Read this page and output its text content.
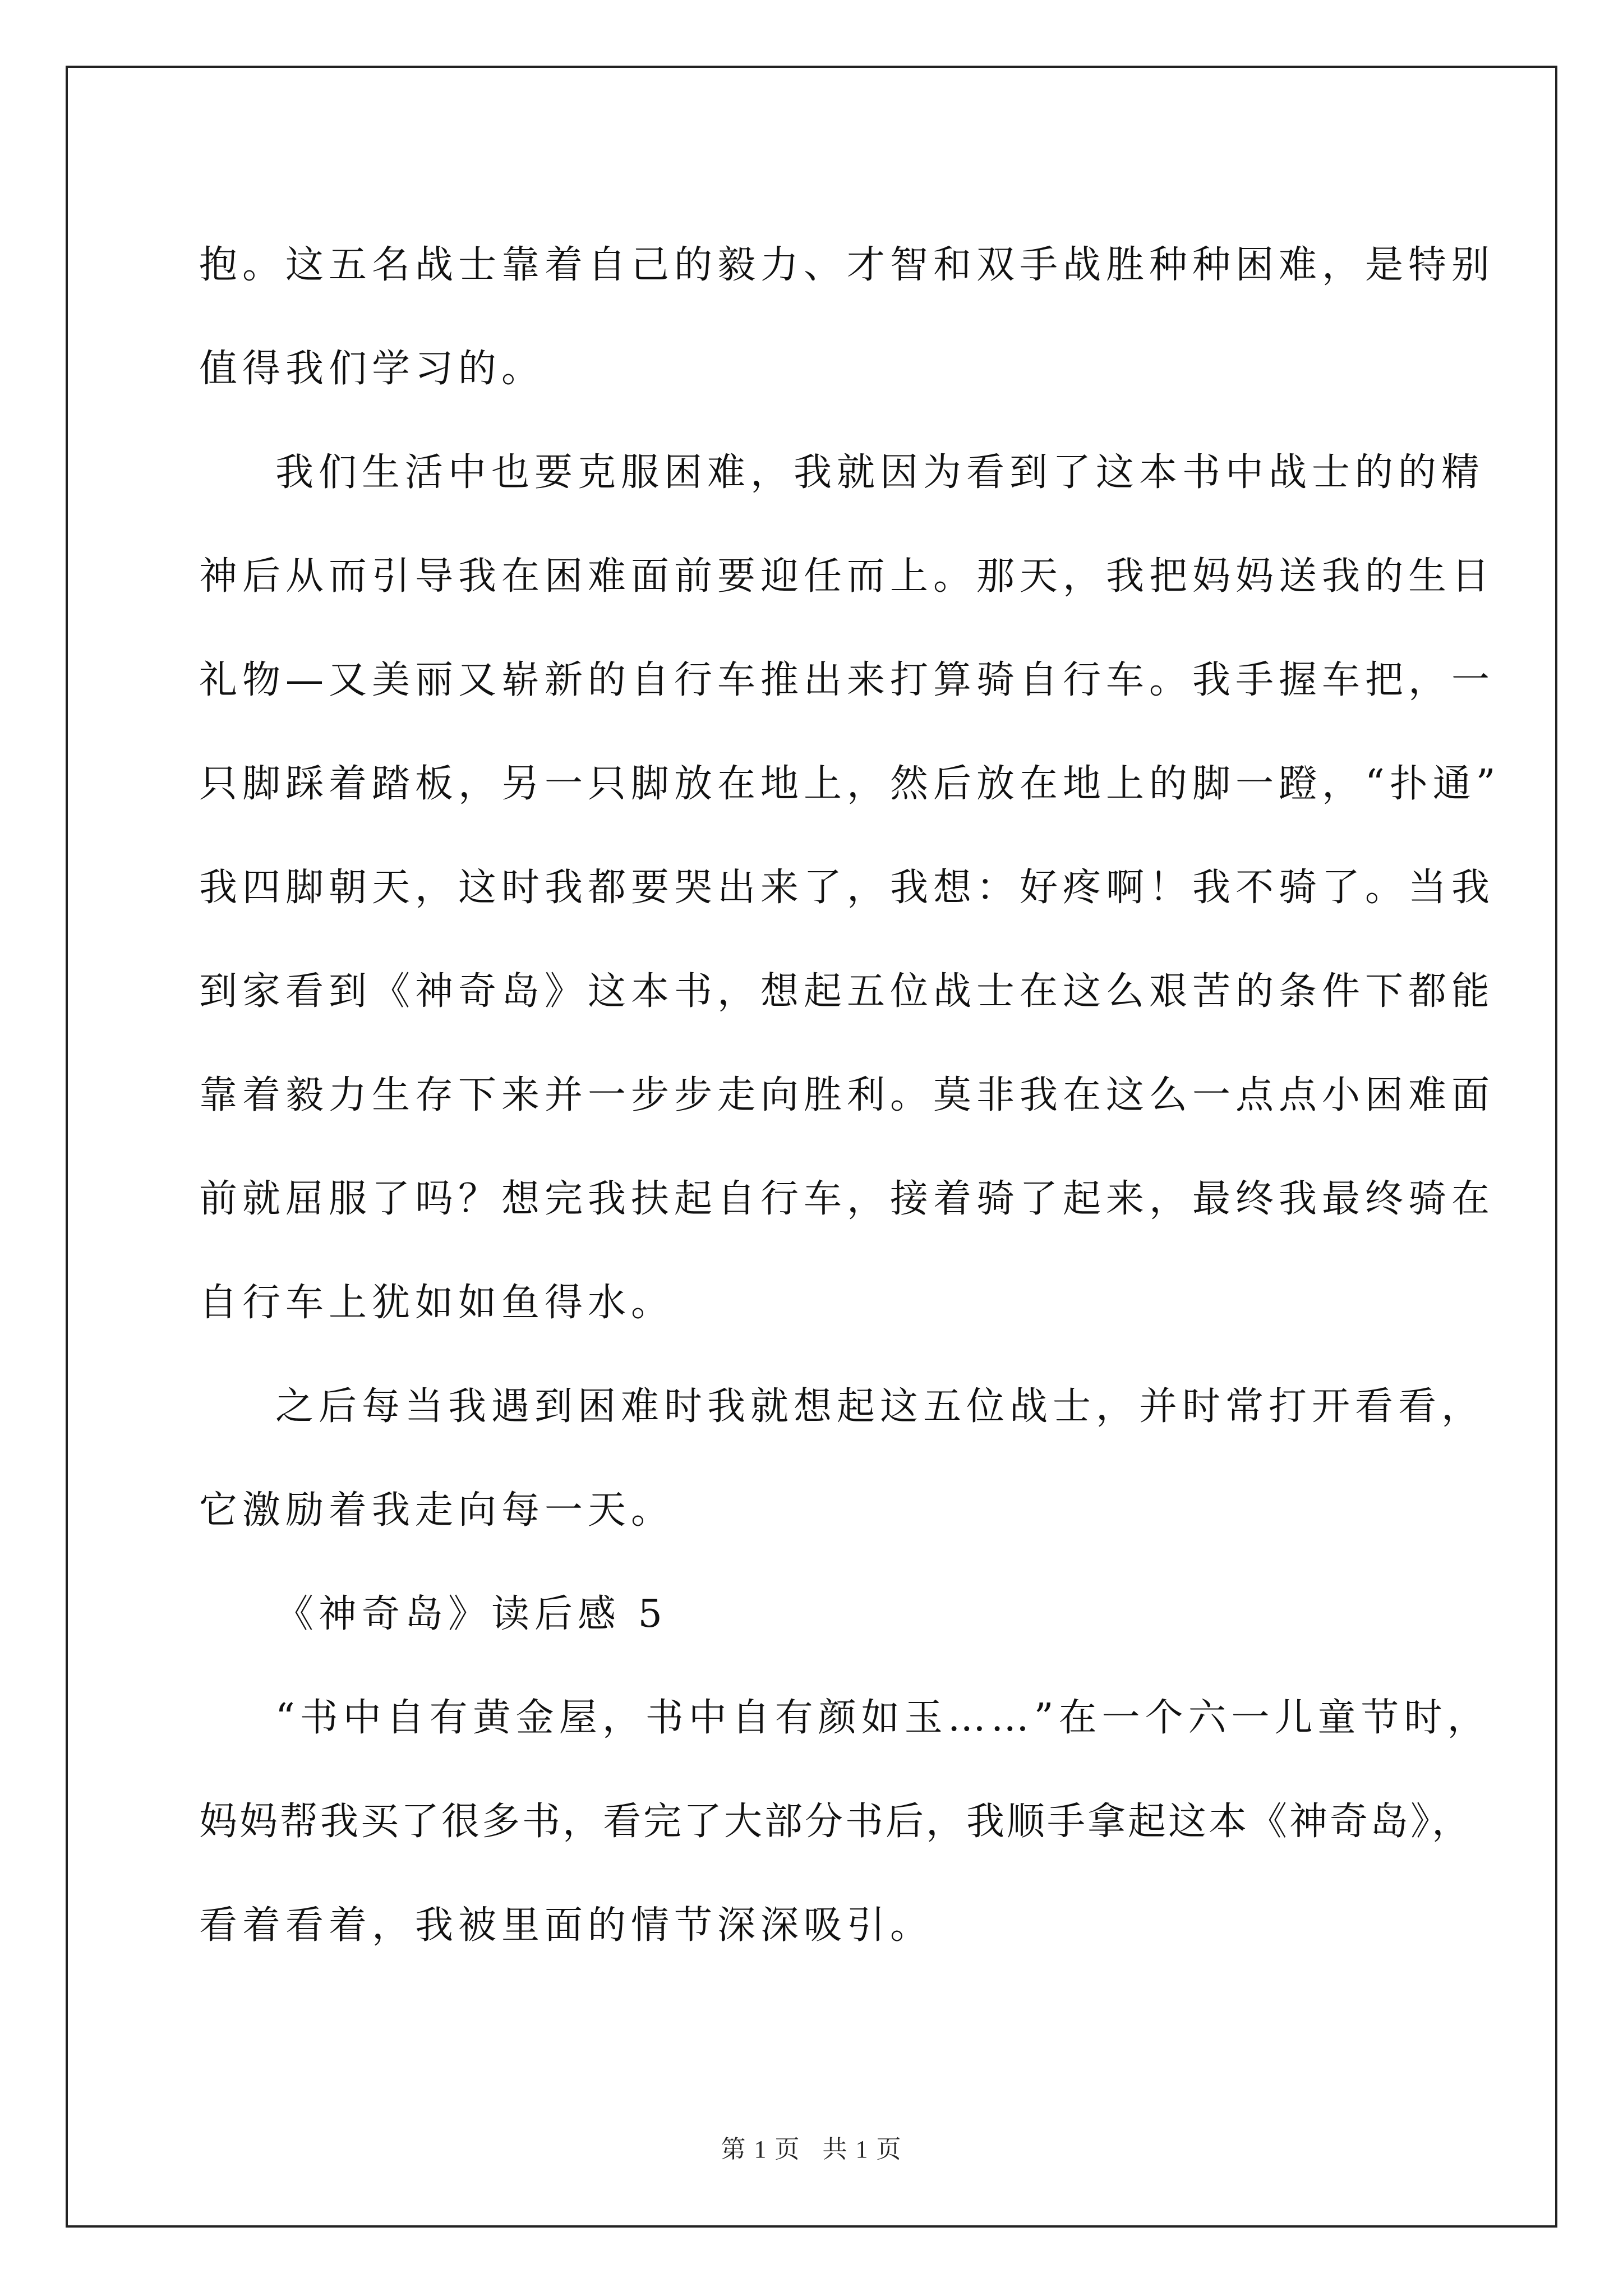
抱。这五名战士靠着自己的毅力、才智和双手战胜种种困难，是特别
值得我们学习的。
我们生活中也要克服困难，我就因为看到了这本书中战士的的精
神后从而引导我在困难面前要迎任而上。那天，我把妈妈送我的生日
礼物—又美丽又崭新的自行车推出来打算骑自行车。我手握车把，一
只脚踩着踏板，另一只脚放在地上，然后放在地上的脚一蹬，“扑通”
我四脚朝天，这时我都要哭出来了，我想：好疼啊！我不骑了。当我
到家看到《神奇岛》这本书，想起五位战士在这么艰苦的条件下都能
靠着毅力生存下来并一步步走向胜利。莫非我在这么一点点小困难面
前就屈服了吗？想完我扶起自行车，接着骑了起来，最终我最终骑在
自行车上犹如如鱼得水。
之后每当我遇到困难时我就想起这五位战士，并时常打开看看，
它激励着我走向每一天。
《神奇岛》读后感 5
“书中自有黄金屋，书中自有颜如玉……”在一个六一儿童节时，
妈妈帮我买了很多书，看完了大部分书后，我顺手拿起这本《神奇岛》，
看着看着，我被里面的情节深深吸引。
第 1 页   共 1 页
